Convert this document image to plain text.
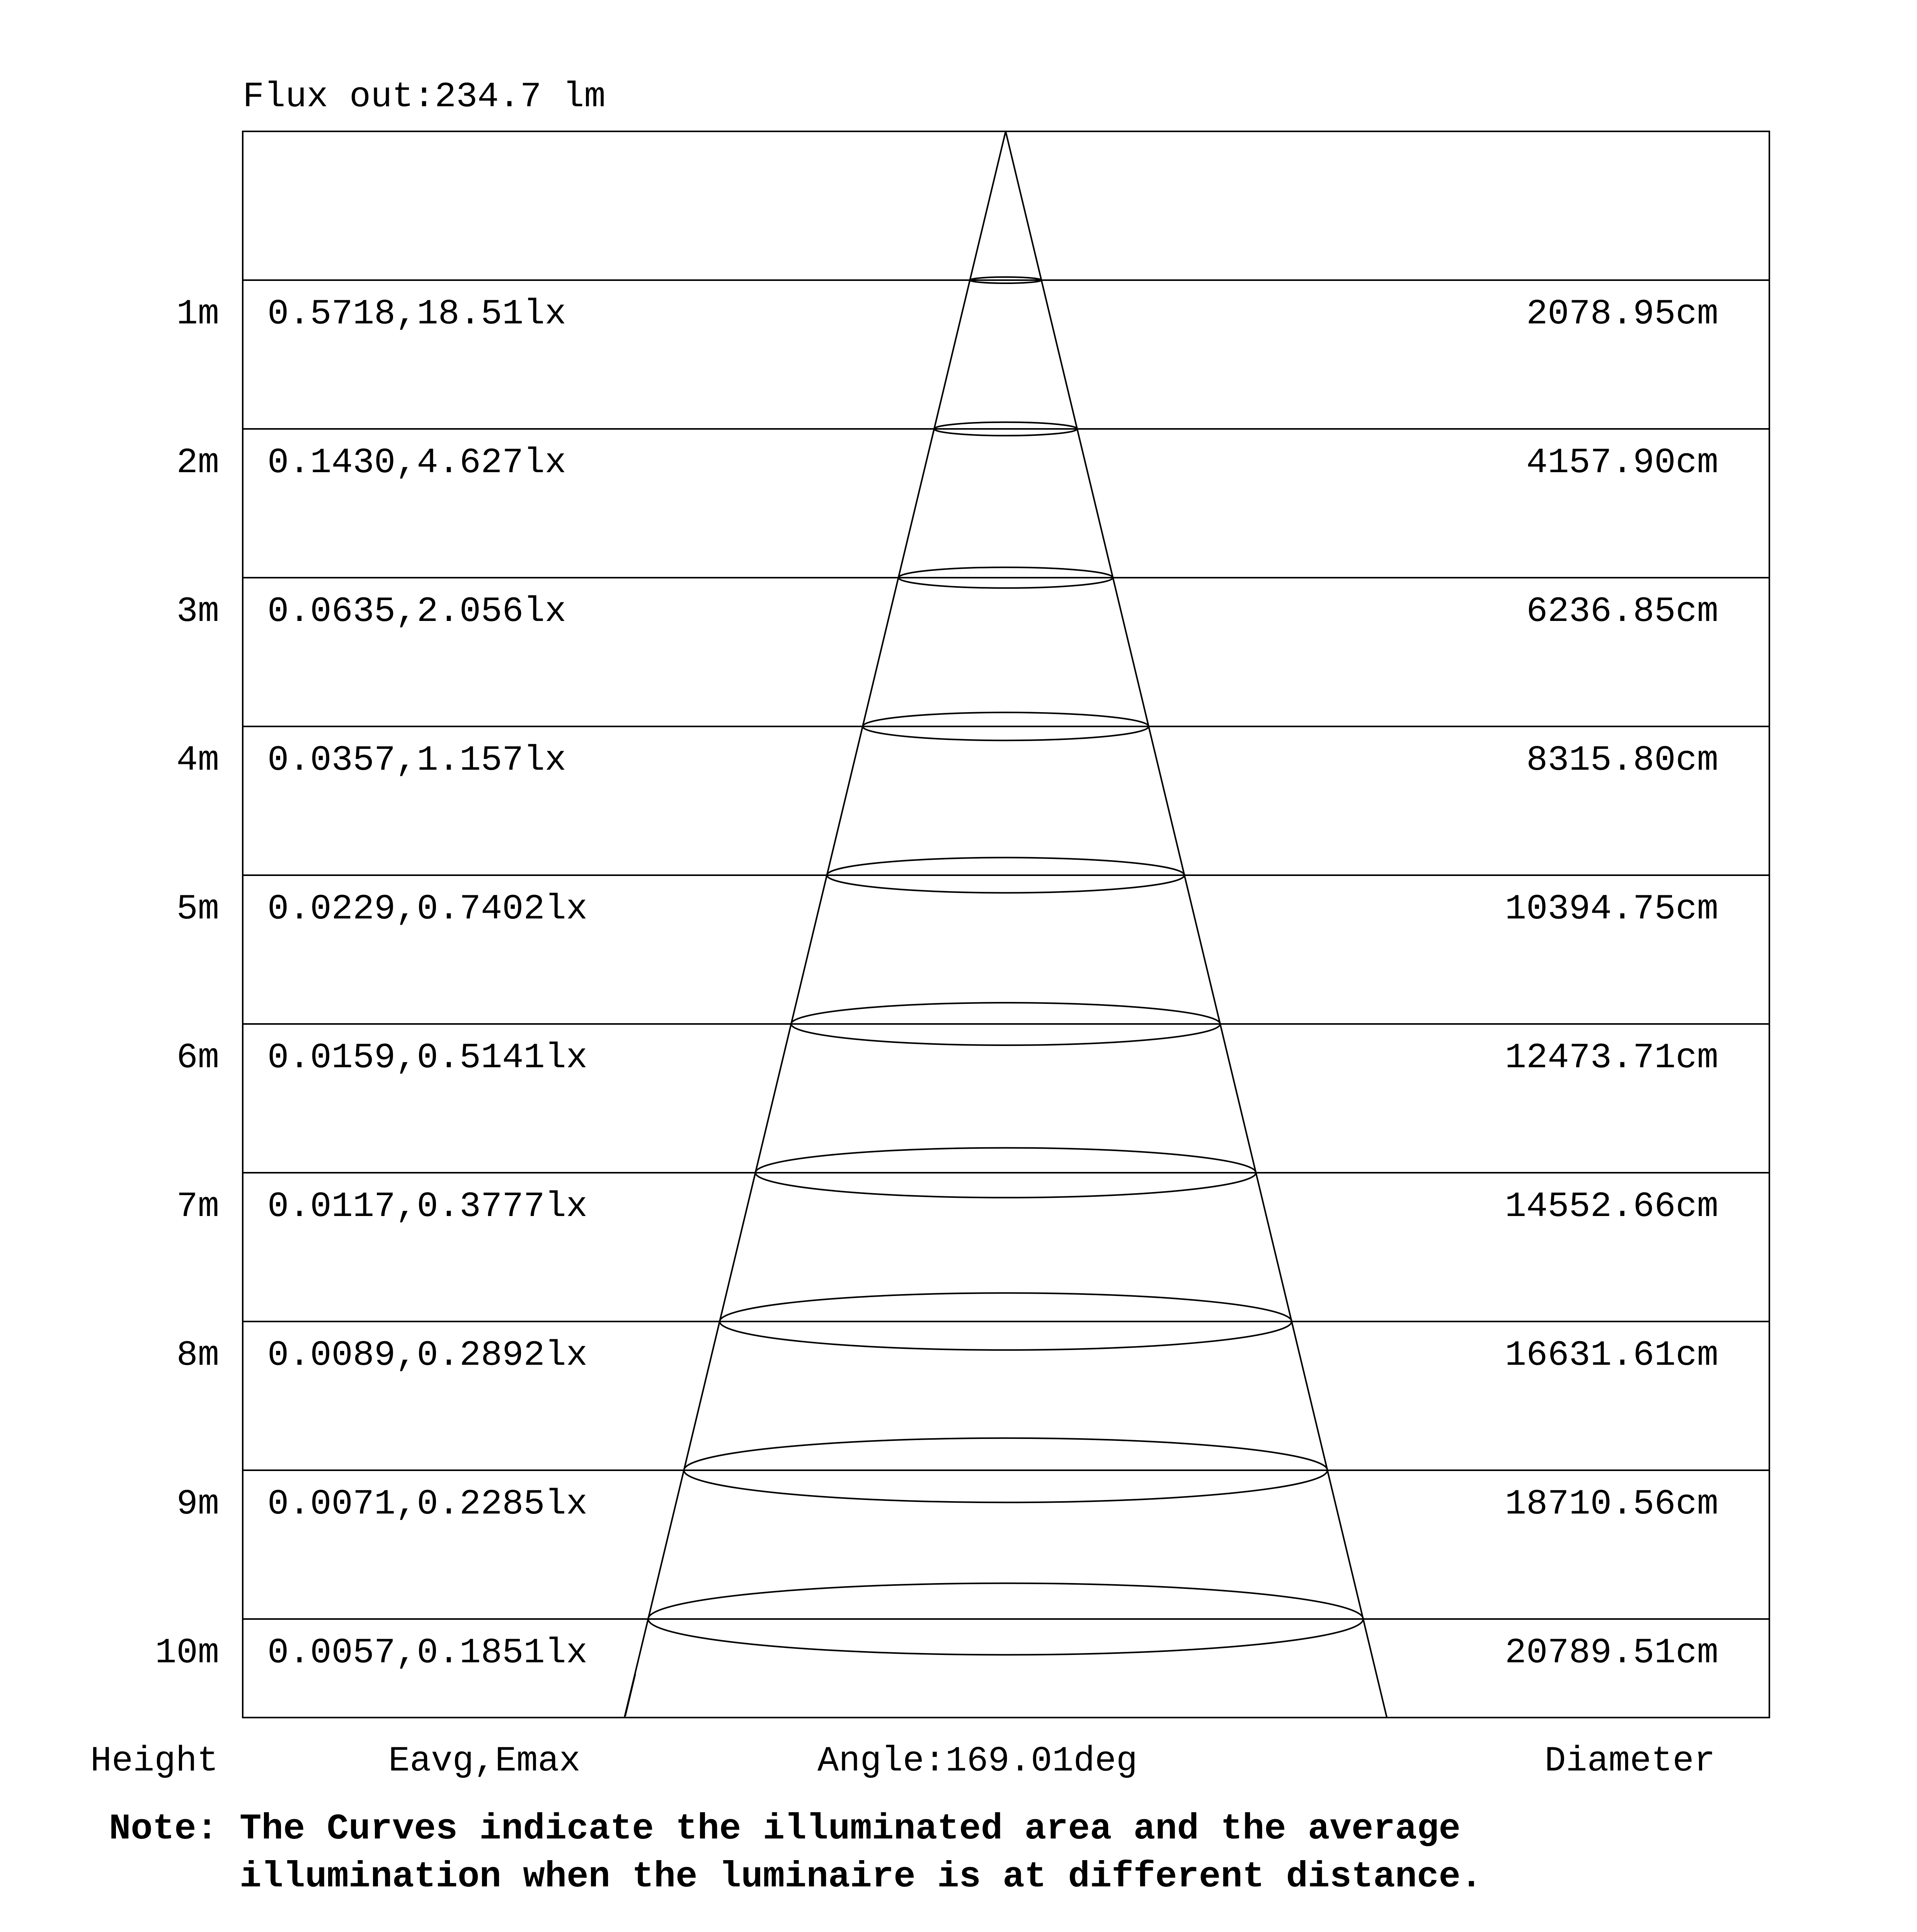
Flux out:234.7 lm
1m 0.5718,18.51lx	2078.95cm
2m 0.1430,4.627lx	4157.90cm
3m 0.0635,2.056lx	6236.85cm
4m 0.0357,1.157lx	8315.80cm
5m 0.0229,0.7402lx	10394.75cm
6m 0.0159,0.5141lx	12473.71cm
7m 0.0117,0.3777lx	14552.66cm
8m 0.0089,0.2892lx	16631.61cm
9m 0.0071,0.2285lx	18710.56cm
10m 0.0057,0.1851lx	20789.51cm
Height	Eavg,Emax	Angle:169.01deg	Diameter
Note: The Curves indicate the illuminated area and the average
illumination when the luminaire is at different distance.
